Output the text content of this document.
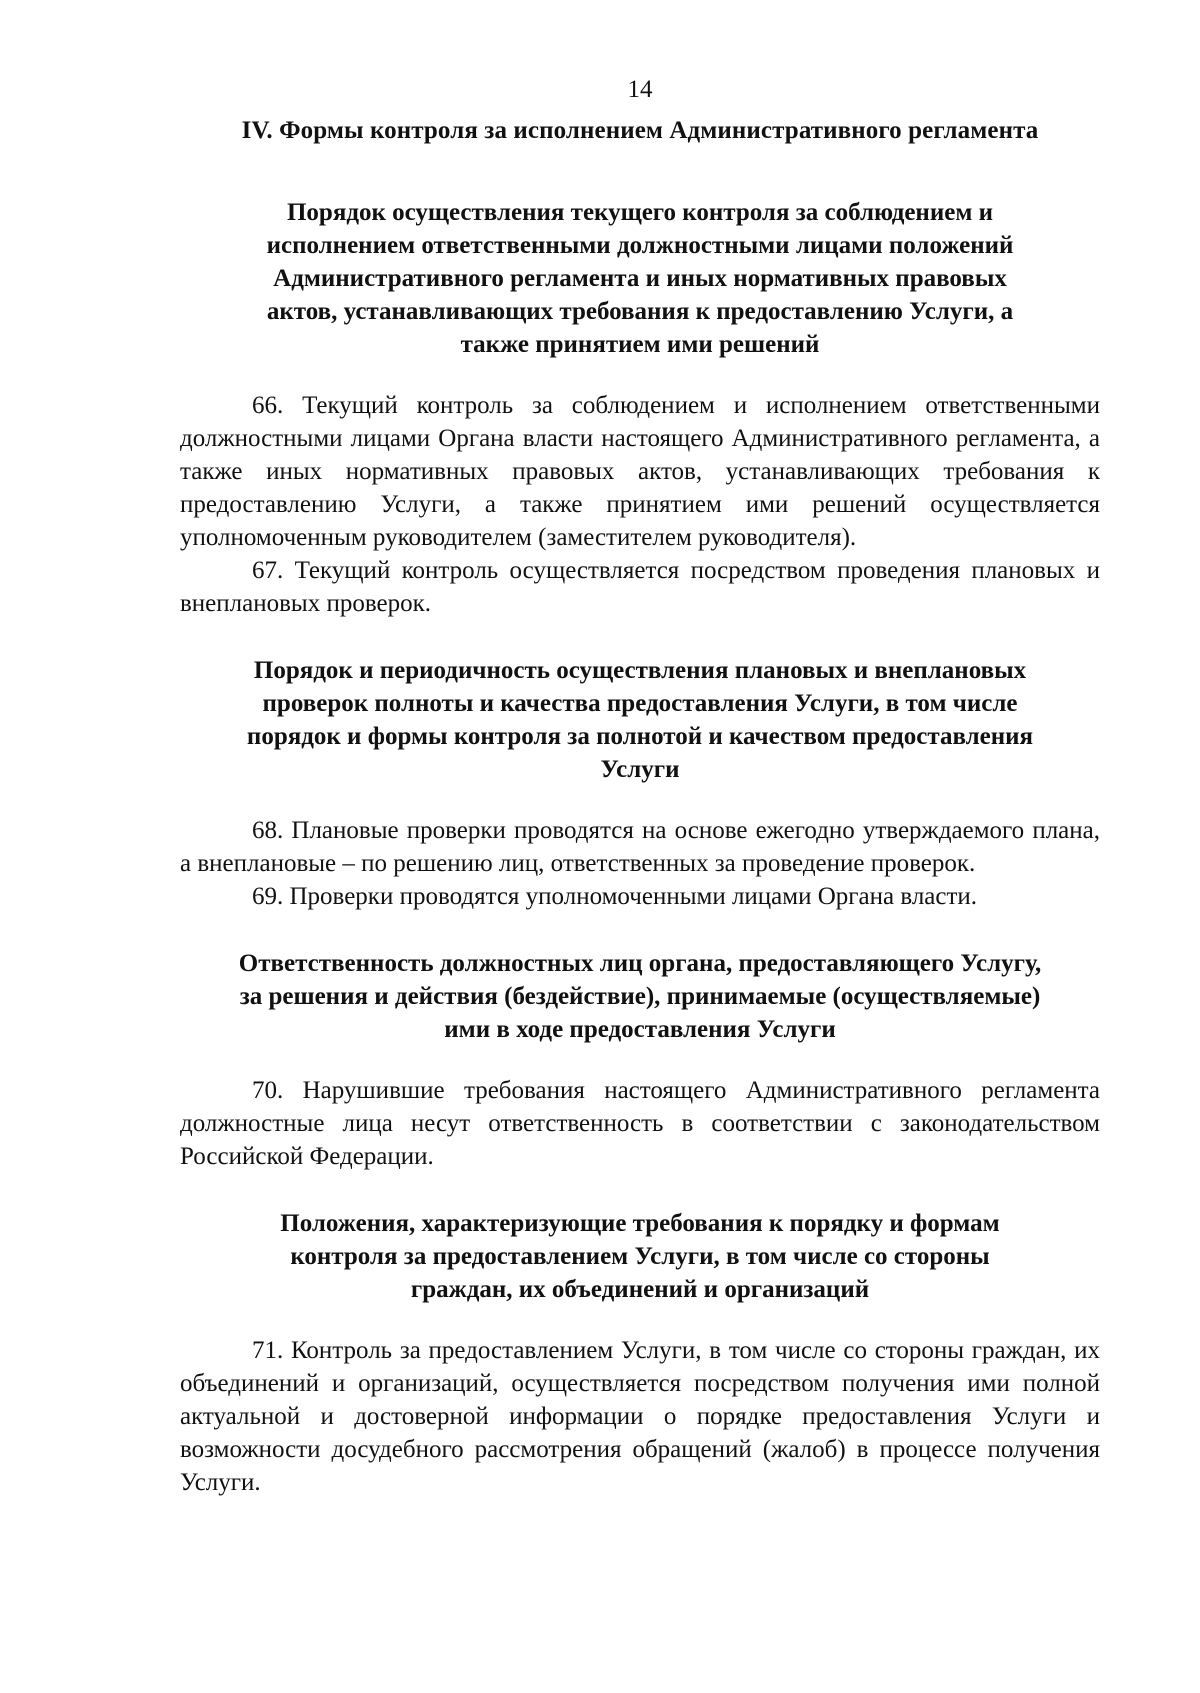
14
IV. Формы контроля за исполнением Административного регламента
Порядок осуществления текущего контроля за соблюдением и
исполнением ответственными должностными лицами положений
Административного регламента и иных нормативных правовых
актов, устанавливающих требования к предоставлению Услуги, а
также принятием ими решений

66. Текущий контроль за соблюдением и исполнением ответственными должностными лицами Органа власти настоящего Административного регламента, а также иных нормативных правовых актов, устанавливающих требования к предоставлению Услуги, а также принятием ими решений осуществляется уполномоченным руководителем (заместителем руководителя).

67. Текущий контроль осуществляется посредством проведения плановых и внеплановых проверок.

Порядок и периодичность осуществления плановых и внеплановых
проверок полноты и качества предоставления Услуги, в том числе
порядок и формы контроля за полнотой и качеством предоставления
Услуги

68. Плановые проверки проводятся на основе ежегодно утверждаемого плана, а внеплановые – по решению лиц, ответственных за проведение проверок.

69. Проверки проводятся уполномоченными лицами Органа власти.

Ответственность должностных лиц органа, предоставляющего Услугу,
за решения и действия (бездействие), принимаемые (осуществляемые)
ими в ходе предоставления Услуги

70. Нарушившие требования настоящего Административного регламента должностные лица несут ответственность в соответствии с законодательством Российской Федерации.

Положения, характеризующие требования к порядку и формам
контроля за предоставлением Услуги, в том числе со стороны
граждан, их объединений и организаций

71. Контроль за предоставлением Услуги, в том числе со стороны граждан, их объединений и организаций, осуществляется посредством получения ими полной актуальной и достоверной информации о порядке предоставления Услуги и возможности досудебного рассмотрения обращений (жалоб) в процессе получения Услуги.
